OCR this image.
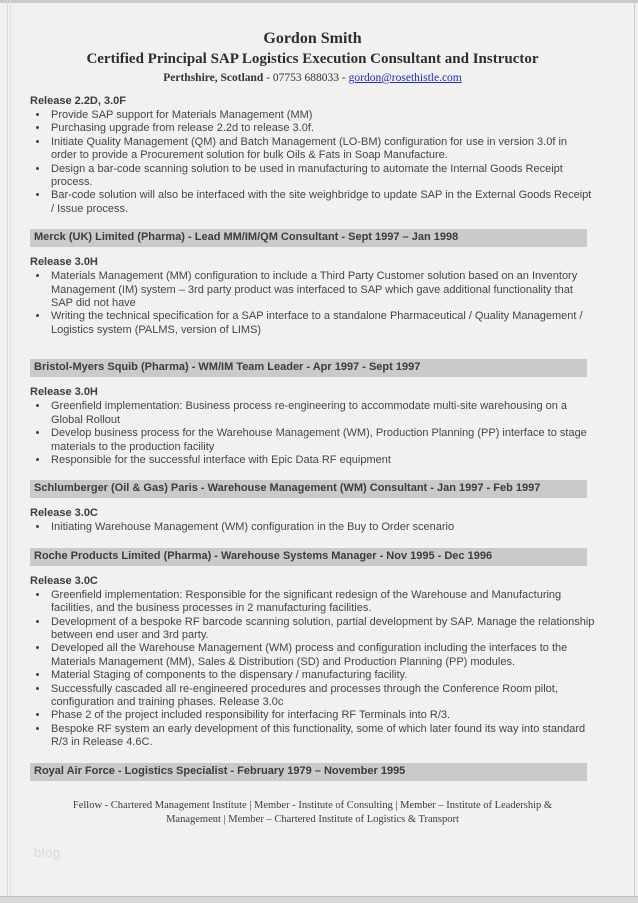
Gordon Smith
Certified Principal SAP Logistics Execution Consultant and Instructor
Perthshire, Scotland - 07753 688033 - gordon@rosethistle.com
Release 2.2D, 3.0F
• Provide SAP support for Materials Management (MM)
• Purchasing upgrade from release 2.2d to release 3.0f.
• Initiate Quality Management (QM) and Batch Management (LO-BM) configuration for use in version 3.0f in order to provide a Procurement solution for bulk Oils & Fats in Soap Manufacture.
• Design a bar-code scanning solution to be used in manufacturing to automate the Internal Goods Receipt process.
• Bar-code solution will also be interfaced with the site weighbridge to update SAP in the External Goods Receipt / Issue process.
Merck (UK) Limited (Pharma) - Lead MM/IM/QM Consultant - Sept 1997 – Jan 1998
Release 3.0H
• Materials Management (MM) configuration to include a Third Party Customer solution based on an Inventory Management (IM) system – 3rd party product was interfaced to SAP which gave additional functionality that SAP did not have
• Writing the technical specification for a SAP interface to a standalone Pharmaceutical / Quality Management / Logistics system (PALMS, version of LIMS)
Bristol-Myers Squib (Pharma) - WM/IM Team Leader - Apr 1997 - Sept 1997
Release 3.0H
• Greenfield implementation: Business process re-engineering to accommodate multi-site warehousing on a Global Rollout
• Develop business process for the Warehouse Management (WM), Production Planning (PP) interface to stage materials to the production facility
• Responsible for the successful interface with Epic Data RF equipment
Schlumberger (Oil & Gas) Paris - Warehouse Management (WM) Consultant - Jan 1997 - Feb 1997
Release 3.0C
• Initiating Warehouse Management (WM) configuration in the Buy to Order scenario
Roche Products Limited (Pharma) - Warehouse Systems Manager - Nov 1995 - Dec 1996
Release 3.0C
• Greenfield implementation: Responsible for the significant redesign of the Warehouse and Manufacturing facilities, and the business processes in 2 manufacturing facilities.
• Development of a bespoke RF barcode scanning solution, partial development by SAP. Manage the relationship between end user and 3rd party.
• Developed all the Warehouse Management (WM) process and configuration including the interfaces to the Materials Management (MM), Sales & Distribution (SD) and Production Planning (PP) modules.
• Material Staging of components to the dispensary / manufacturing facility.
• Successfully cascaded all re-engineered procedures and processes through the Conference Room pilot, configuration and training phases. Release 3.0c
• Phase 2 of the project included responsibility for interfacing RF Terminals into R/3.
• Bespoke RF system an early development of this functionality, some of which later found its way into standard R/3 in Release 4.6C.
Royal Air Force - Logistics Specialist - February 1979 – November 1995
Fellow - Chartered Management Institute | Member - Institute of Consulting | Member – Institute of Leadership & Management | Member – Chartered Institute of Logistics & Transport
blog
